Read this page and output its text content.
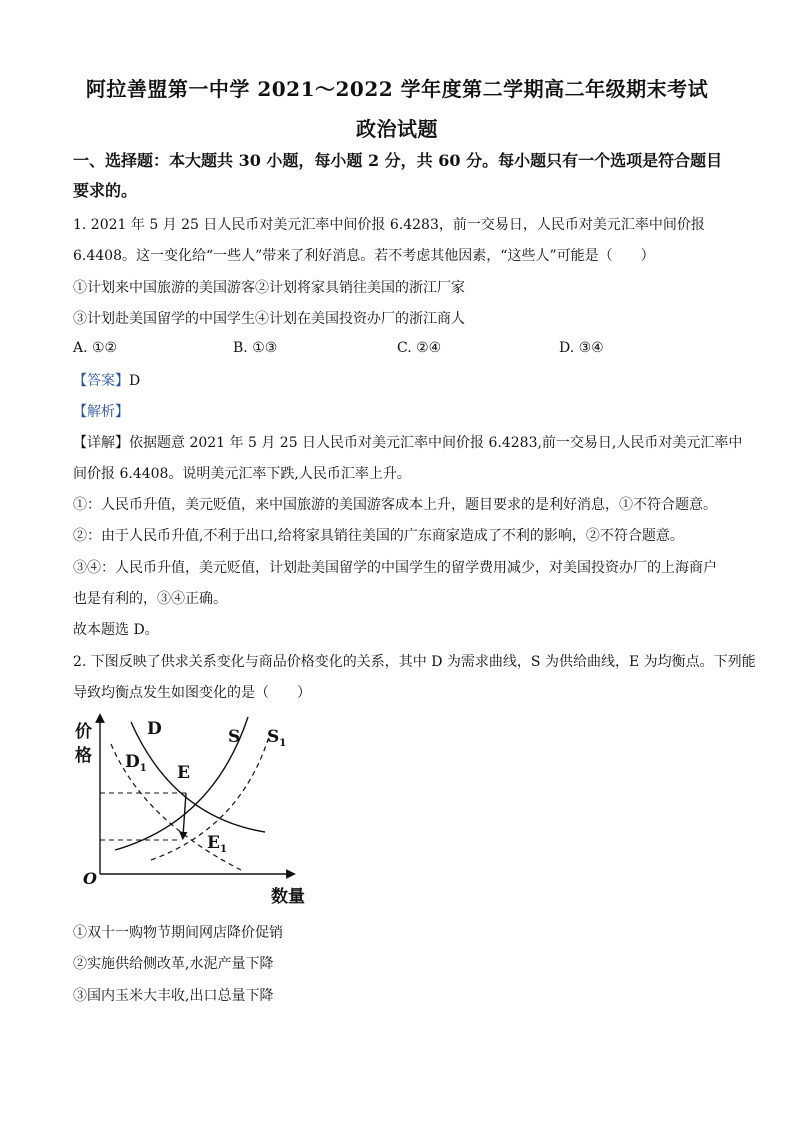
阿拉善盟第一中学 2021～2022 学年度第二学期高二年级期末考试
政治试题
一、选择题：本大题共 30 小题，每小题 2 分，共 60 分。每小题只有一个选项是符合题目要求的。
1. 2021 年 5 月 25 日人民币对美元汇率中间价报 6.4283，前一交易日，人民币对美元汇率中间价报
6.4408。这一变化给“一些人”带来了利好消息。若不考虑其他因素，“这些人”可能是（　　）
①计划来中国旅游的美国游客②计划将家具销往美国的浙江厂家
③计划赴美国留学的中国学生④计划在美国投资办厂的浙江商人
A. ①②	B. ①③	C. ②④	D. ③④
【答案】D
【解析】
【详解】依据题意 2021 年 5 月 25 日人民币对美元汇率中间价报 6.4283,前一交易日,人民币对美元汇率中
间价报 6.4408。说明美元汇率下跌,人民币汇率上升。
①：人民币升值，美元贬值，来中国旅游的美国游客成本上升，题目要求的是利好消息，①不符合题意。
②：由于人民币升值,不利于出口,给将家具销往美国的广东商家造成了不利的影响，②不符合题意。
③④：人民币升值，美元贬值，计划赴美国留学的中国学生的留学费用减少，对美国投资办厂的上海商户
也是有利的，③④正确。
故本题选 D。
2. 下图反映了供求关系变化与商品价格变化的关系，其中 D 为需求曲线，S 为供给曲线，E 为均衡点。下列能
导致均衡点发生如图变化的是（　　）
价
格
数量
O
D	S $S_1$
$D_1$ E
$E_1$
①双十一购物节期间网店降价促销
②实施供给侧改革,水泥产量下降
③国内玉米大丰收,出口总量下降
